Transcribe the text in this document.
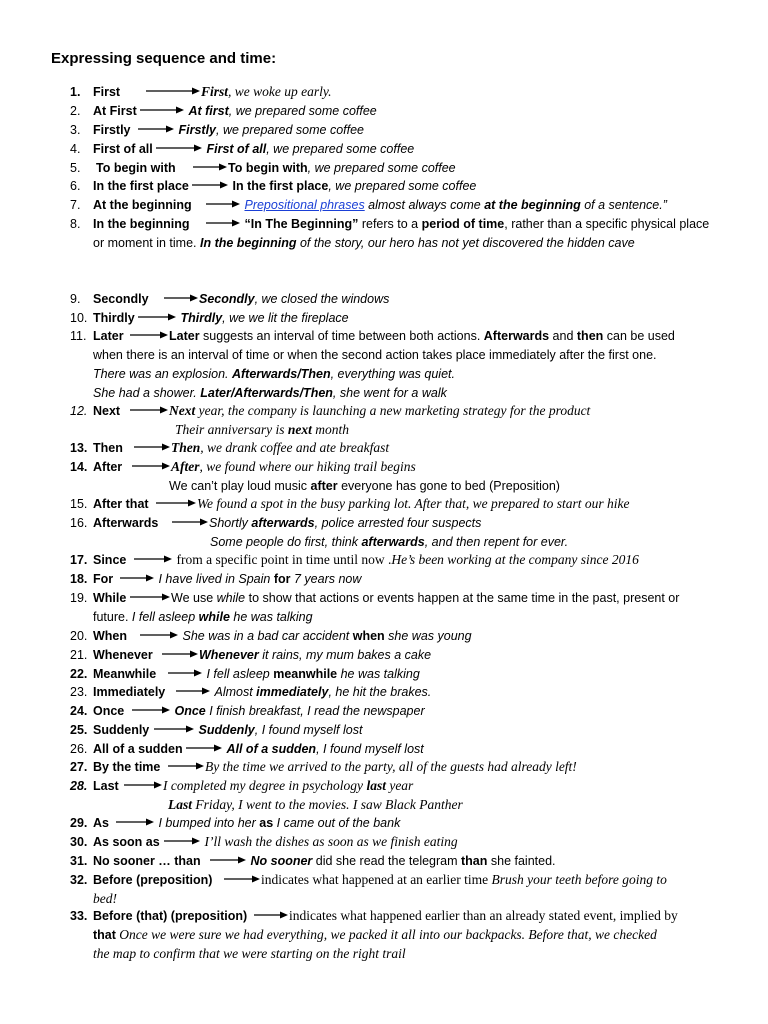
Expressing sequence and time:
1.	First	First, we woke up early.
2.	At First	At first, we prepared some coffee
3.	Firstly	Firstly, we prepared some coffee
4.	First of all	First of all, we prepared some coffee
5.	To begin with	To begin with, we prepared some coffee
6.	In the first place	In the first place, we prepared some coffee
7.	At the beginning	Prepositional phrases almost always come at the beginning of a sentence.”
8.	In the beginning	“In The Beginning” refers to a period of time, rather than a specific physical place
or moment in time. In the beginning of the story, our hero has not yet discovered the hidden cave
9.	Secondly	Secondly, we closed the windows
10. Thirdly	Thirdly, we we lit the fireplace
11. Later	Later suggests an interval of time between both actions. Afterwards and then can be used
when there is an interval of time or when the second action takes place immediately after the first one.
There was an explosion. Afterwards/Then, everything was quiet.
She had a shower. Later/Afterwards/Then, she went for a walk
12. Next	Next year, the company is launching a new marketing strategy for the product
Their anniversary is next month
13. Then	Then, we drank coffee and ate breakfast
14. After	After, we found where our hiking trail begins
We can’t play loud music after everyone has gone to bed (Preposition)
15. After that	We found a spot in the busy parking lot. After that, we prepared to start our hike
16. Afterwards	Shortly afterwards, police arrested four suspects
Some people do first, think afterwards, and then repent for ever.
17. Since	from a specific point in time until now .He’s been working at the company since 2016
18. For	I have lived in Spain for 7 years now
19. While	We use while to show that actions or events happen at the same time in the past, present or
future. I fell asleep while he was talking
20. When	She was in a bad car accident when she was young
21. Whenever	Whenever it rains, my mum bakes a cake
22. Meanwhile	I fell asleep meanwhile he was talking
23. Immediately	Almost immediately, he hit the brakes.
24. Once	Once I finish breakfast, I read the newspaper
25. Suddenly	Suddenly, I found myself lost
26. All of a sudden	All of a sudden, I found myself lost
27. By the time	By the time we arrived to the party, all of the guests had already left!
28. Last	I completed my degree in psychology last year
Last Friday, I went to the movies. I saw Black Panther
29. As	I bumped into her as I came out of the bank
30. As soon as	I’ll wash the dishes as soon as we finish eating
31. No sooner … than	No sooner did she read the telegram than she fainted.
32. Before (preposition)	indicates what happened at an earlier time Brush your teeth before going to
bed!
33. Before (that) (preposition)	indicates what happened earlier than an already stated event, implied by
that Once we were sure we had everything, we packed it all into our backpacks. Before that, we checked
the map to confirm that we were starting on the right trail
